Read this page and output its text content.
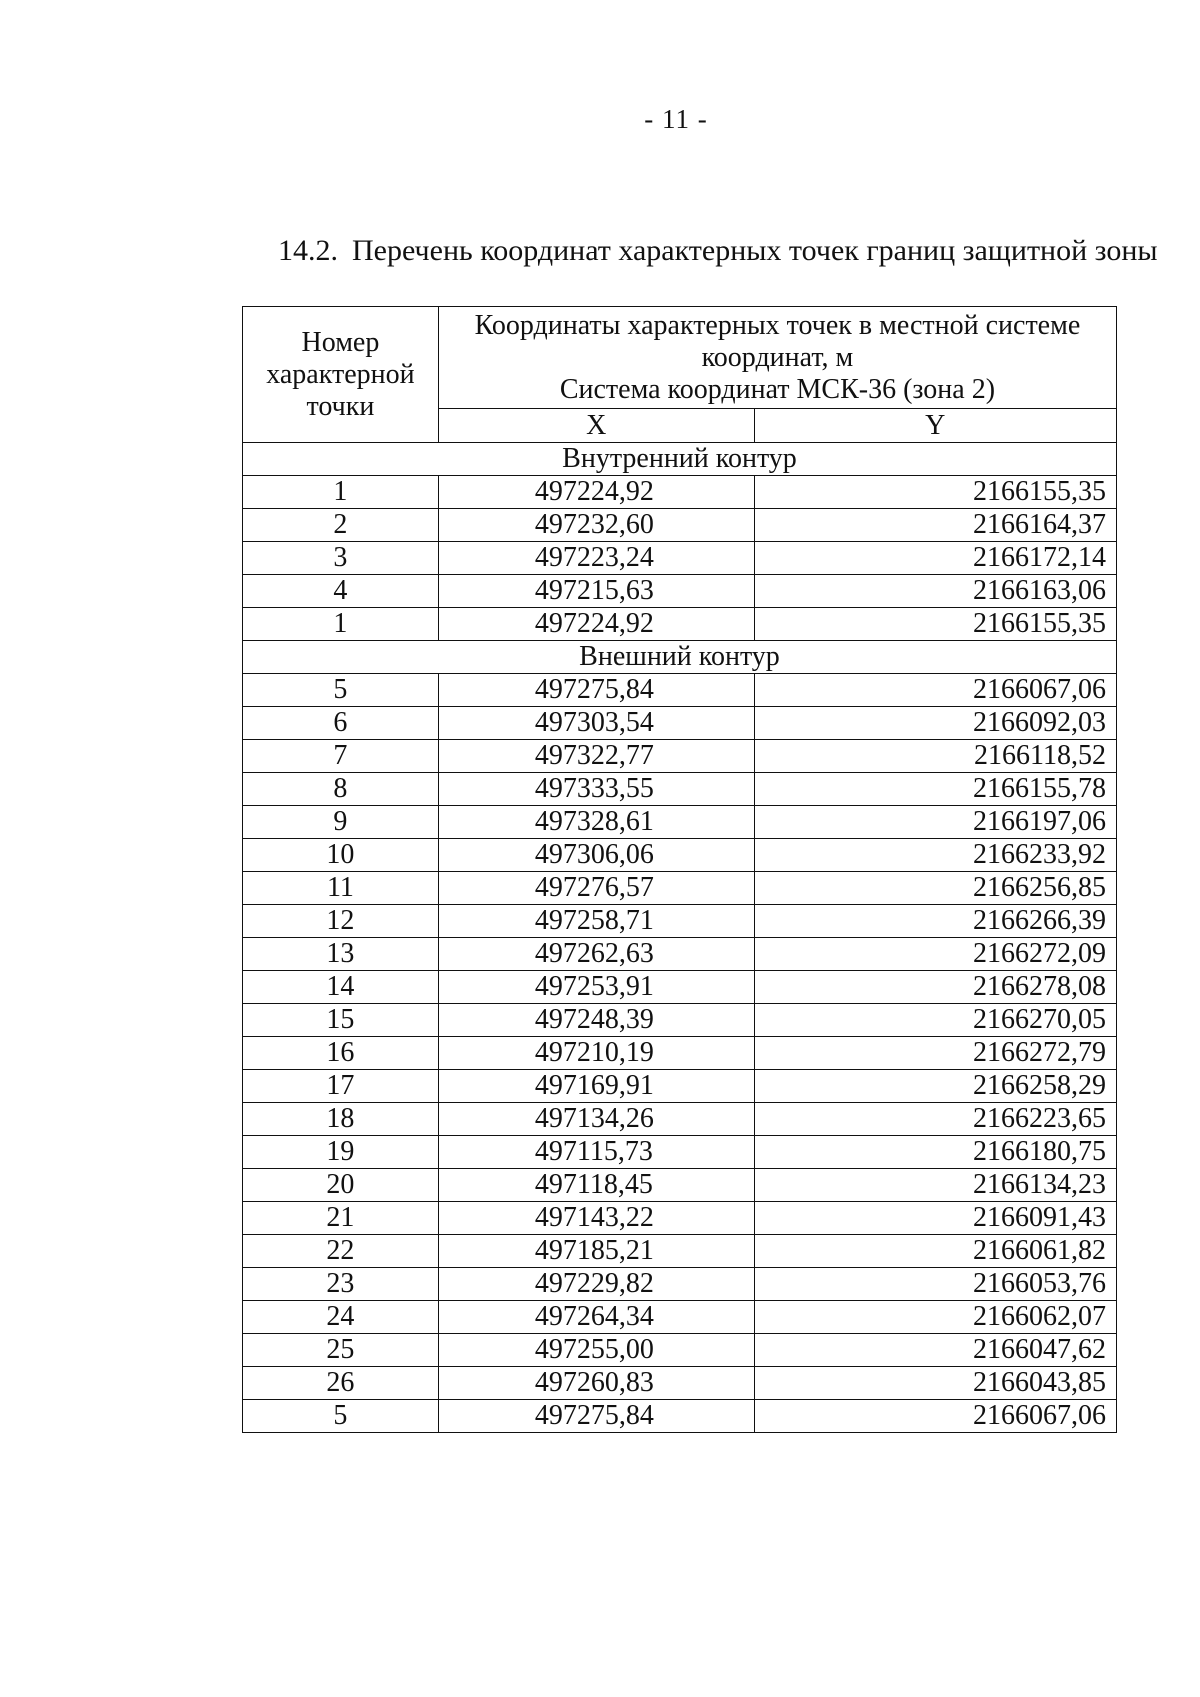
- 11 -
14.2. Перечень координат характерных точек границ защитной зоны
Номер
характерной
точки	Координаты характерных точек в местной системе
координат, м
Система координат МСК-36 (зона 2)	

	X	Y
Внутренний контур		
1	497224,92	2166155,35
2	497232,60	2166164,37
3	497223,24	2166172,14
4	497215,63	2166163,06
1	497224,92	2166155,35
Внешний контур		
5	497275,84	2166067,06
6	497303,54	2166092,03
7	497322,77	2166118,52
8	497333,55	2166155,78
9	497328,61	2166197,06
10	497306,06	2166233,92
11	497276,57	2166256,85
12	497258,71	2166266,39
13	497262,63	2166272,09
14	497253,91	2166278,08
15	497248,39	2166270,05
16	497210,19	2166272,79
17	497169,91	2166258,29
18	497134,26	2166223,65
19	497115,73	2166180,75
20	497118,45	2166134,23
21	497143,22	2166091,43
22	497185,21	2166061,82
23	497229,82	2166053,76
24	497264,34	2166062,07
25	497255,00	2166047,62
26	497260,83	2166043,85
5	497275,84	2166067,06
